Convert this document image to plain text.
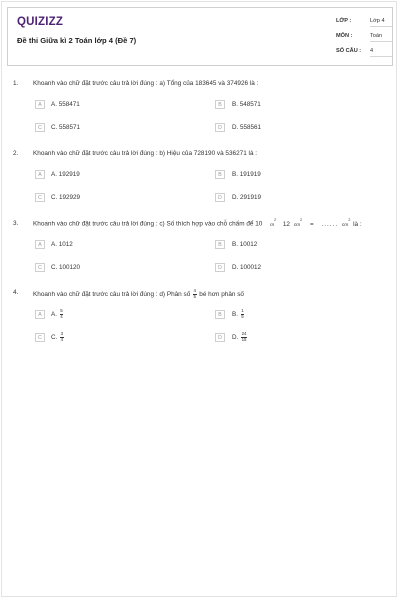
QUIZIZZ
Đề thi Giữa kì 2 Toán lớp 4 (Đề 7)
LỚP :	Lớp 4
MÔN :	Toán
SỐ CÂU : 4
1. Khoanh vào chữ đặt trước câu trả lời đúng : a) Tổng của 183645 và 374926 là :
A	A. 558471	B	B. 548571
C	C. 558571	D	D. 558561
2. Khoanh vào chữ đặt trước câu trả lời đúng : b) Hiệu của 728190 và 536271 là :
A	A. 192919	B	B. 191919
C	C. 192929	D	D. 291919
3. Khoanh vào chữ đặt trước câu trả lời đúng : c) Số thích hợp vào chỗ chấm để 10 $m^2$ 12 $cm^2$ = ...... $cm^2$ là :
A	A. 1012	B	B. 10012
C	C. 100120	D	D. 100012
4. Khoanh vào chữ đặt trước câu trả lời đúng : d) Phân số $\frac{4}{5}$ bé hơn phân số
A	A. $\frac{5}{4}$	B	B. $\frac{1}{5}$
C	C. $\frac{3}{4}$	D	D. $\frac{24}{15}$
